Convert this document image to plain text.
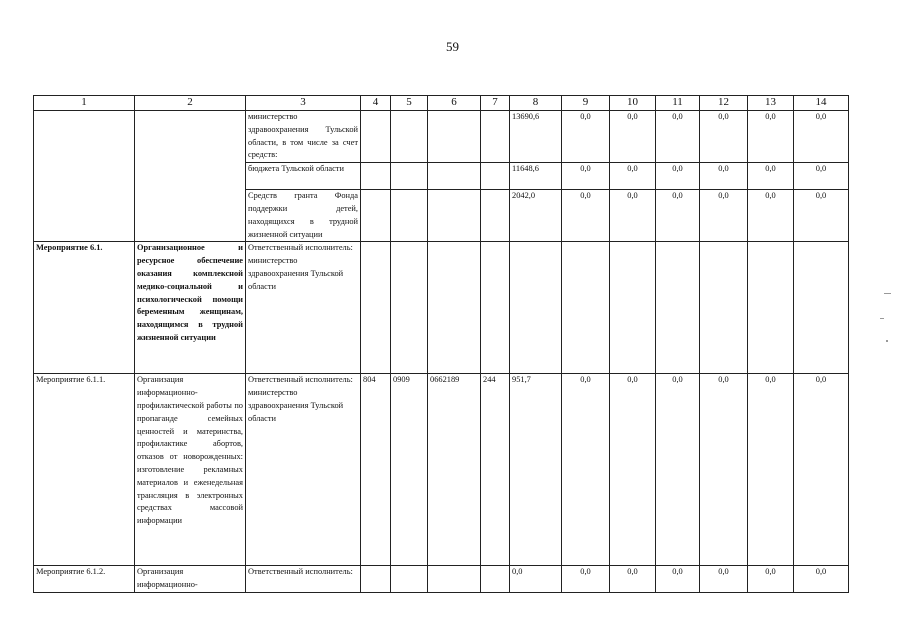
59
1	2	3	4	5	6	7	8	9	10	11	12	13	14
		министерство здравоохранения Тульской области, в том числе за счет средств:					13690,6	0,0	0,0	0,0	0,0	0,0	0,0
		бюджета Тульской области					11648,6	0,0	0,0	0,0	0,0	0,0	0,0
		Средств гранта Фонда поддержки детей, находящихся в трудной жизненной ситуации					2042,0	0,0	0,0	0,0	0,0	0,0	0,0
Мероприятие 6.1.	Организационное и ресурсное обеспечение оказания комплексной медико-социальной и психологической помощи беременным женщинам, находящимся в трудной жизненной ситуации	Ответственный исполнитель: министерство здравоохранения Тульской области											
Мероприятие 6.1.1.	Организация информационно-профилактической работы по пропаганде семейных ценностей и материнства, профилактике абортов, отказов от новорожденных: изготовление рекламных материалов и еженедельная трансляция в электронных средствах массовой информации	Ответственный исполнитель: министерство здравоохранения Тульской области	804	0909	0662189	244	951,7	0,0	0,0	0,0	0,0	0,0	0,0
Мероприятие 6.1.2.	Организация информационно-	Ответственный исполнитель:					0,0	0,0	0,0	0,0	0,0	0,0	0,0
